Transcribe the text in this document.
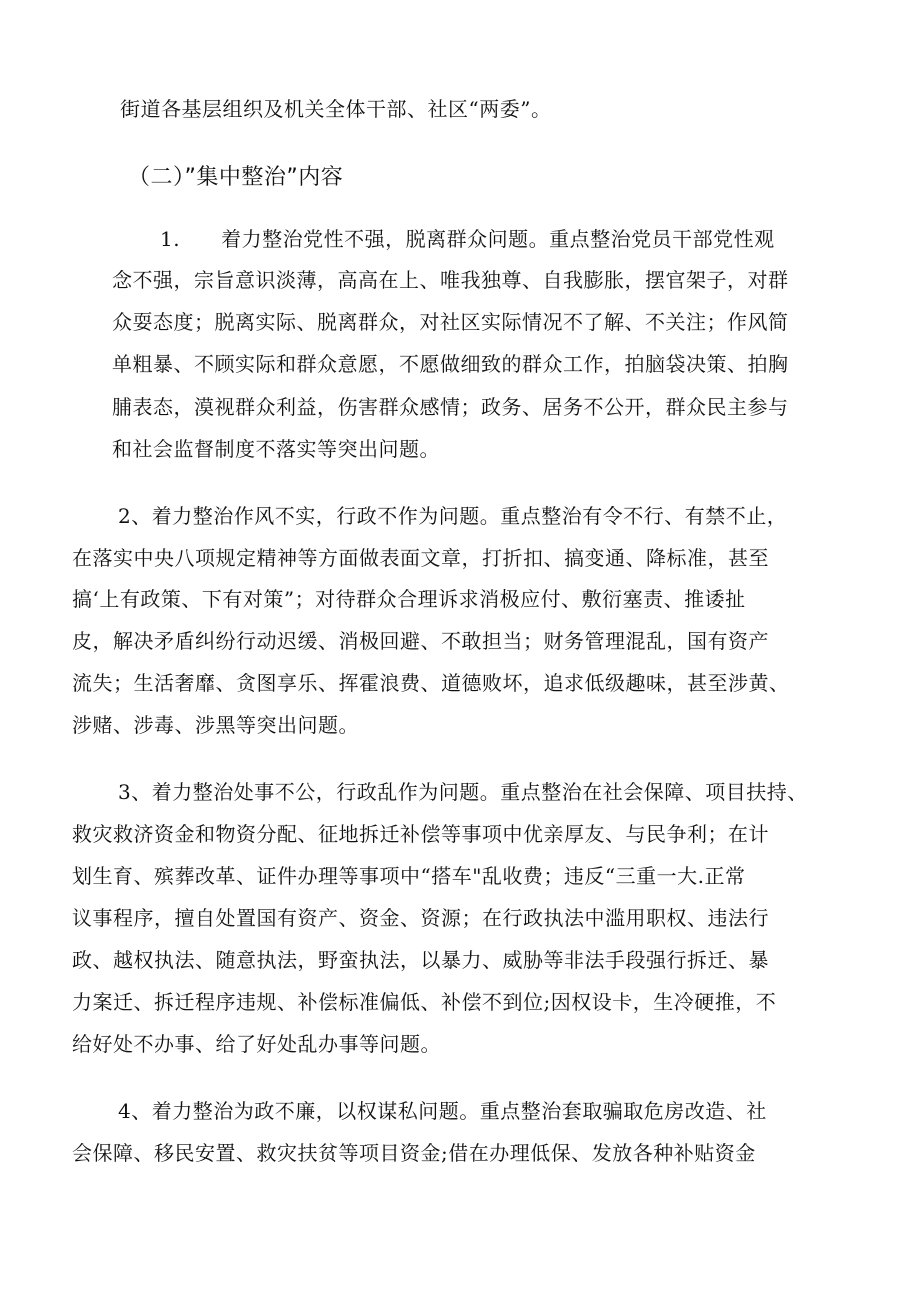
街道各基层组织及机关全体干部、社区“两委”。
（二）”集中整治”内容
1.　　着力整治党性不强，脱离群众问题。重点整治党员干部党性观
念不强，宗旨意识淡薄，高高在上、唯我独尊、自我膨胀，摆官架子，对群
众耍态度；脱离实际、脱离群众，对社区实际情况不了解、不关注；作风简
单粗暴、不顾实际和群众意愿，不愿做细致的群众工作，拍脑袋决策、拍胸
脯表态，漠视群众利益，伤害群众感情；政务、居务不公开，群众民主参与
和社会监督制度不落实等突出问题。
2、着力整治作风不实，行政不作为问题。重点整治有令不行、有禁不止，
在落实中央八项规定精神等方面做表面文章，打折扣、搞变通、降标准，甚至
搞‘上有政策、下有对策”；对待群众合理诉求消极应付、敷衍塞责、推诿扯
皮，解决矛盾纠纷行动迟缓、消极回避、不敢担当；财务管理混乱，国有资产
流失；生活奢靡、贪图享乐、挥霍浪费、道德败坏，追求低级趣味，甚至涉黄、
涉赌、涉毒、涉黑等突出问题。
3、着力整治处事不公，行政乱作为问题。重点整治在社会保障、项目扶持、
救灾救济资金和物资分配、征地拆迁补偿等事项中优亲厚友、与民争利；在计
划生育、殡葬改革、证件办理等事项中“搭车"乱收费；违反“三重一大.正常
议事程序，擅自处置国有资产、资金、资源；在行政执法中滥用职权、违法行
政、越权执法、随意执法，野蛮执法，以暴力、威胁等非法手段强行拆迁、暴
力案迁、拆迁程序违规、补偿标准偏低、补偿不到位;因权设卡，生冷硬推，不
给好处不办事、给了好处乱办事等问题。
4、着力整治为政不廉，以权谋私问题。重点整治套取骗取危房改造、社
会保障、移民安置、救灾扶贫等项目资金;借在办理低保、发放各种补贴资金
